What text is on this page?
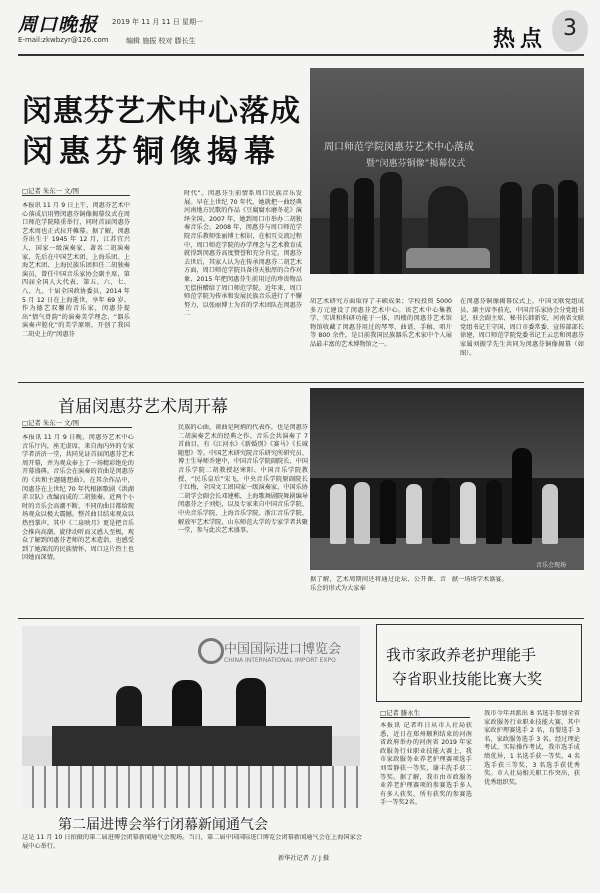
周口晚报
E-mail:zkwbzyr@126.com
2019 年 11 月 11 日 星期一
编辑 施振 校对 滕长生	热点 3
闵惠芬艺术中心落成
闵惠芬铜像揭幕	周口师范学院闵惠芬艺术中心落成
暨“闵惠芬铜像”揭幕仪式
□记者 朱东一 文/图
本报讯 11 月 9 日上午，闵惠芬艺术中心落成启用暨闵惠芬铜像揭幕仪式在周口师范学院隆重举行，同时首届闵惠芬艺术周也正式拉开帷幕。据了解，闵惠芬出生于 1945 年 12 月，江苏宜兴人，国家一级演奏家，著名二胡演奏家，先后在中国艺术团、上海乐团、上海艺术团、上海民族乐团担任二胡独奏演员，曾任中国音乐家协会副主席，第四届全国人大代表、第五、六、七、八、九、十届全国政协委员，2014 年 5 月 12 日在上海逝世，享年 69 岁。作为德艺双馨的音乐家，闵惠芬提出“情气骨韵”的演奏美学理念、“器乐演奏声腔化”的美学原则，开创了我国二胡史上的“闵惠芬
时代”。闵惠芬生前情系周口民族音乐发展。早在上世纪 70 年代，她就把一曲经典河南地方民歌的作品《豆腐腐水磨冬花》演绎全国。2007 年，她到周口市举办二胡独奏音乐会。2008 年，闵惠芬与周口师范学院音乐教师张丽博士相识，在相互交流过程中，周口师范学院的办学理念与艺术教育成就得到闵惠芬高度赞誉和充分肯定。闵惠芬去世后，其家人认为在传承闵惠芬二胡艺术方面，周口师范学院具备得天独厚的合作对象，2015 年把闵惠芬生前用过的珍贵物品无偿捐赠给了周口师范学院。近年来，周口师范学院为传承和发展民族音乐进行了不懈努力，以张丽博士为首的学术团队在闵惠芬二
胡艺术研究方面取得了丰硕成果；学校投资 5000 多万元建设了闵惠芬艺术中心。该艺术中心集教学、实训和科研功能于一体，四楼的闵惠芬艺术馆物馆收藏了闵惠芬用过的琴琴、曲谱、手稿、唱片等 800 余件，是目前我国民族器乐艺术家中个人展品最丰富的艺术博物馆之一。
在闵惠芬铜像揭幕仪式上，中国文联党组成员、副主席李前光，中国音乐家协会分党组书记、驻会副主席、秘书长韩新安，河南省文联党组书记王守国，周口市委常委、宣传部部长徐建，周口师范学院党委书记王云忠和闵惠芬家属刘振学先生共同为闵惠芬铜像揭幕（如图）。
首届闵惠芬艺术周开幕
□记者 朱东一 文/图
本报讯 11 月 9 日晚，闵惠芬艺术中心音乐厅内，座无虚席，来自海内外的专家学者济济一堂，共同见证首届闵惠芬艺术周开幕，并为观众奉上了一场精彩绝伦的开幕盛典。音乐会在演奏的首曲是闵惠芬的《共和主题随想曲》。在其余作品中，闵惠芬在上世纪 70 年代根据歌剧《洪湖赤卫队》改编而成的二胡独奏。近两个小时的音乐会高潮不断，不同的曲目都给现场观众以极大震撼。整首曲目结束观众以热烈掌声。其中《二泉映月》更是把音乐会推向高潮，旋律动听而又感人至极，观众了解到闵惠芬老师的艺术造诣，也感受到了她深沉的民族情怀，周口这片热土也因她而深情。
民族的心曲，谈曲是阿炳的代表作，也是闵惠芬二胡演奏艺术的经典之作。音乐会共演奏了 7 首曲目，有《江河水》《新婚别》《赛马》《长城随想》等。中国艺术研究院音乐研究所研究员、博士生导师乔建中，中国音乐学院副院长、中国音乐学院二胡教授赵寒阳、中国音乐学院教授、“民乐皇后”宋飞，中央音乐学院原副院长于红梅，全国文工团国家一级演奏家、中国乐协二胡学会副会长邓建栋，上海歌舞剧院舞剧编导闵惠芬之子刘炬，以及专家来自中国音乐学院、中央音乐学院、上海音乐学院、浙江音乐学院、解放军艺术学院、山东师范大学的专家学者共聚一堂，参与此次艺术盛事。
音乐会现场
据了解，艺术周期间还将通过论坛、公开课、音乐会的形式为大家奉
献一场场学术盛宴。
中国国际进口博览会
CHINA INTERNATIONAL IMPORT EXPO
第二届进博会举行闭幕新闻通气会
这是 11 月 10 日拍摄的第二届进博会闭幕新闻通气会现场。当日，第二届中国国际进口博览会闭幕新闻通气会在上海国家会展中心举行。
新华社记者 万 J 摄
我市家政养老护理能手
夺省职业技能比赛大奖
□记者 滕永生
本报讯 记者昨日从市人社局获悉，近日在郑州顺利结束的河南省政府举办的河南省 2019 年家政服务行业职业技能大赛上，我市家政服务业养老护理赛项选手刘雪静获一等奖，谢丰洗手获二等奖。据了解，我市由市政服务业养老护理赛项的参赛选手多人有多人获奖，所有获奖的参赛选手一等奖2名。
我市今年共派出 8 名选手参加全省家政服务行业职业技能大赛，其中家政护理赛选手 2 名，育婴选手 3 名，家政服务选手 3 名。经过理论考试、实际操作考试，我市选手成绩优异，1 名选手获一等奖，4 名选手获三等奖，3 名选手获优秀奖。市人社局相关职工作突出，获优秀组织奖。
